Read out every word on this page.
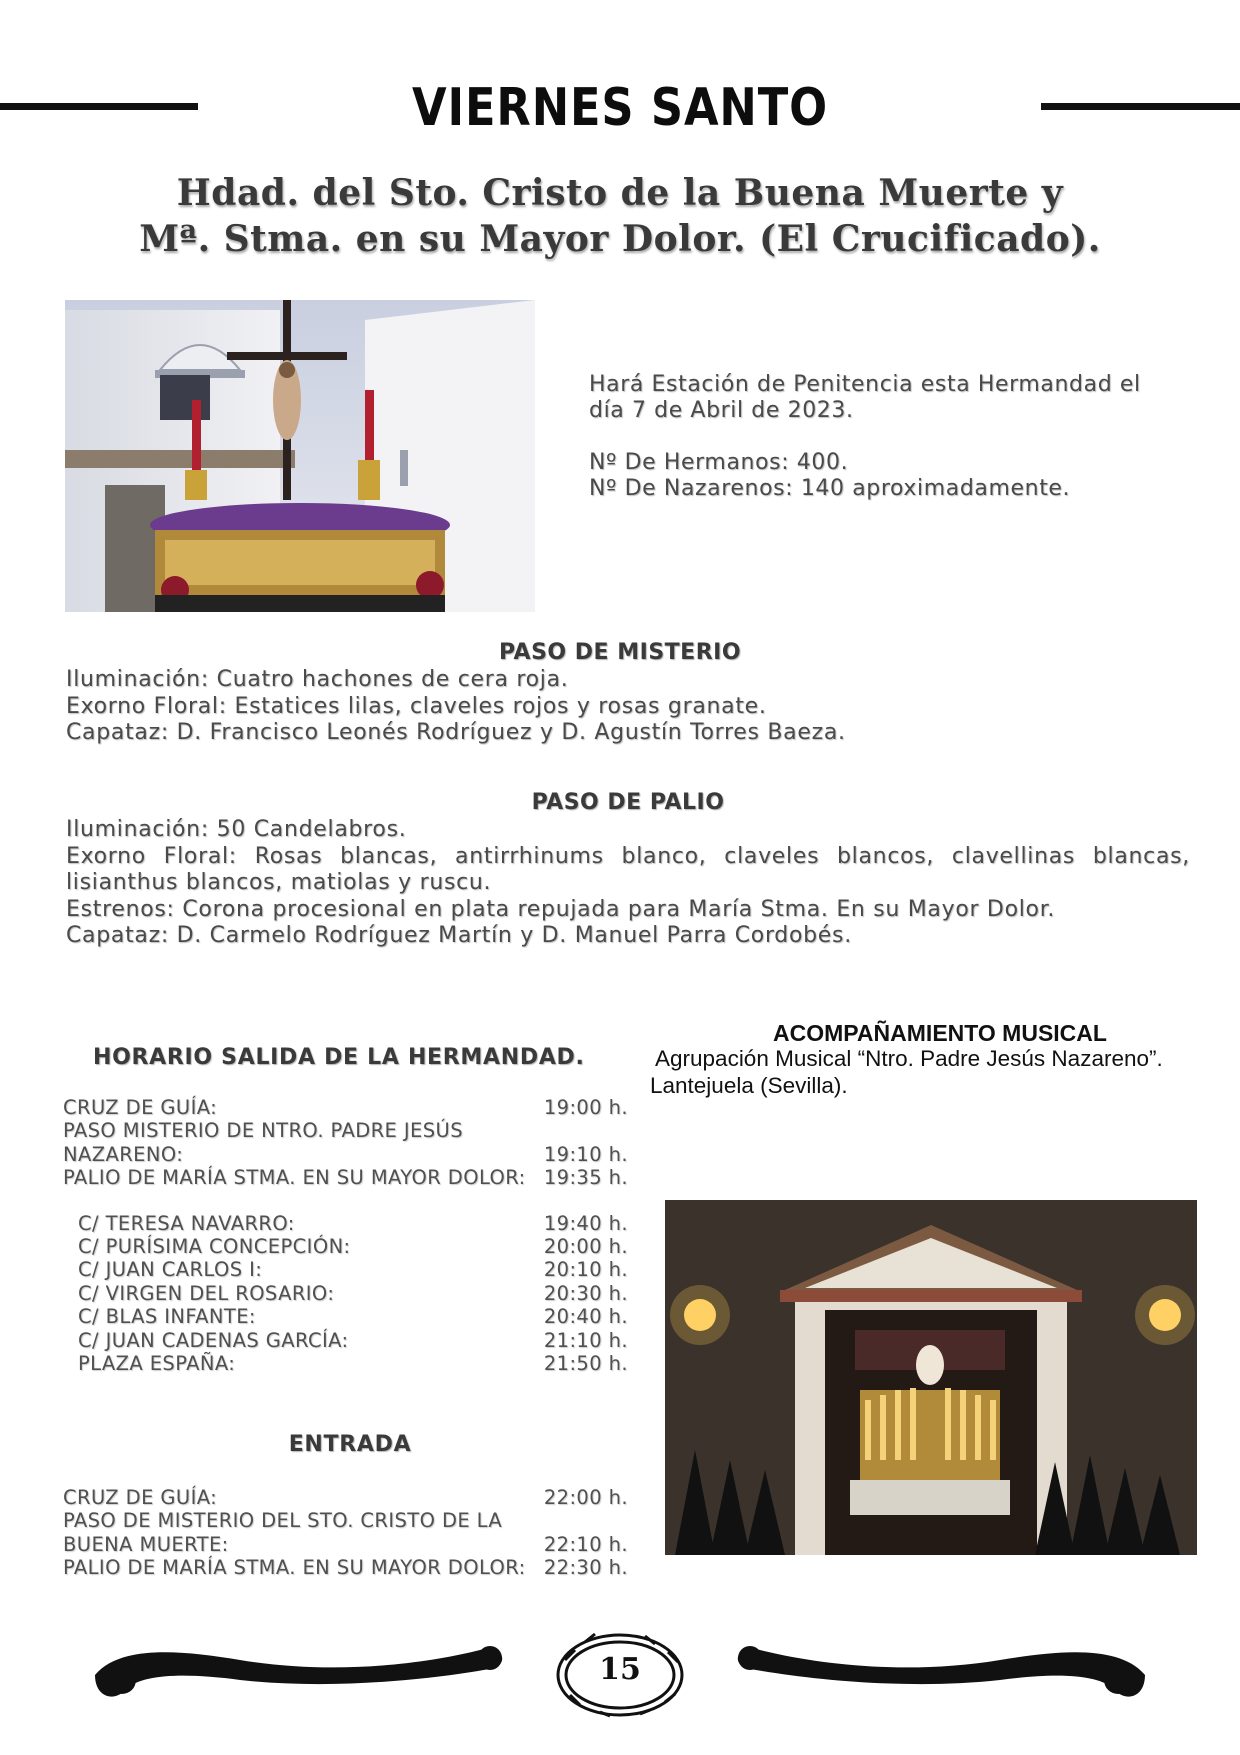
VIERNES SANTO
Hdad. del Sto. Cristo de la Buena Muerte y
Mª. Stma. en su Mayor Dolor. (El Crucificado).

Hará Estación de Penitencia esta Hermandad el
día 7 de Abril de 2023.

Nº De Hermanos: 400.
Nº De Nazarenos: 140 aproximadamente.

PASO DE MISTERIO
Iluminación: Cuatro hachones de cera roja.
Exorno Floral: Estatices lilas, claveles rojos y rosas granate.
Capataz: D. Francisco Leonés Rodríguez y D. Agustín Torres Baeza.
PASO DE PALIO
Iluminación: 50 Candelabros.
Exorno Floral: Rosas blancas, antirrhinums blanco, claveles blancos, clavellinas blancas, lisianthus blancos, matiolas y ruscu.
Estrenos: Corona procesional en plata repujada para María Stma. En su Mayor Dolor.
Capataz: D. Carmelo Rodríguez Martín y D. Manuel Parra Cordobés.
HORARIO SALIDA DE LA HERMANDAD.
CRUZ DE GUÍA:	19:00 h.
PASO MISTERIO DE NTRO. PADRE JESÚS NAZARENO:	19:10 h.
PALIO DE MARÍA STMA. EN SU MAYOR DOLOR: 19:35 h.
C/ TERESA NAVARRO:	19:40 h.
C/ PURÍSIMA CONCEPCIÓN:	20:00 h.
C/ JUAN CARLOS I:	20:10 h.
C/ VIRGEN DEL ROSARIO:	20:30 h.
C/ BLAS INFANTE:	20:40 h.
C/ JUAN CADENAS GARCÍA:	21:10 h.
PLAZA ESPAÑA:	21:50 h.
ENTRADA
CRUZ DE GUÍA:	22:00 h.
PASO DE MISTERIO DEL STO. CRISTO DE LA BUENA MUERTE:	22:10 h.
PALIO DE MARÍA STMA. EN SU MAYOR DOLOR: 22:30 h.
ACOMPAÑAMIENTO MUSICAL
Agrupación Musical “Ntro. Padre Jesús Nazareno”.
Lantejuela (Sevilla).
15
